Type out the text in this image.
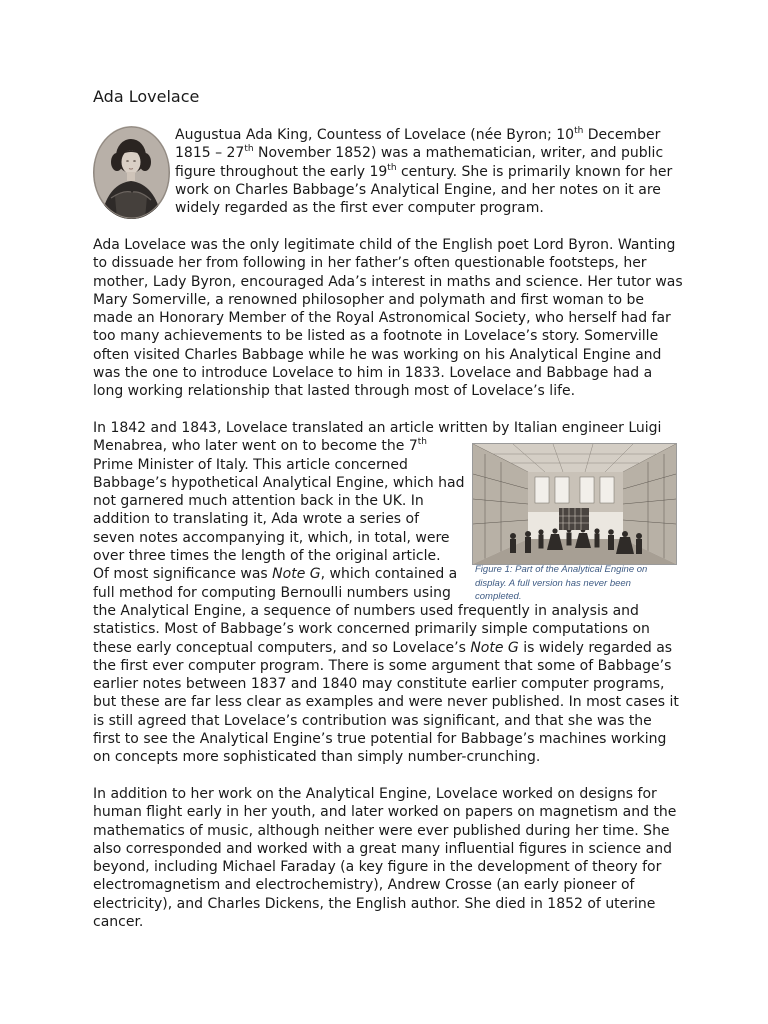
Ada Lovelace
Augustua Ada King, Countess of Lovelace (née Byron; 10th December
1815 – 27th November 1852) was a mathematician, writer, and public
figure throughout the early 19th century. She is primarily known for her
work on Charles Babbage’s Analytical Engine, and her notes on it are
widely regarded as the first ever computer program.
Ada Lovelace was the only legitimate child of the English poet Lord Byron. Wanting
to dissuade her from following in her father’s often questionable footsteps, her
mother, Lady Byron, encouraged Ada’s interest in maths and science. Her tutor was
Mary Somerville, a renowned philosopher and polymath and first woman to be
made an Honorary Member of the Royal Astronomical Society, who herself had far
too many achievements to be listed as a footnote in Lovelace’s story. Somerville
often visited Charles Babbage while he was working on his Analytical Engine and
was the one to introduce Lovelace to him in 1833. Lovelace and Babbage had a
long working relationship that lasted through most of Lovelace’s life.
In 1842 and 1843, Lovelace translated an article written by Italian engineer Luigi
Menabrea, who later went on to become the 7th
Prime Minister of Italy. This article concerned
Babbage’s hypothetical Analytical Engine, which had
not garnered much attention back in the UK. In
addition to translating it, Ada wrote a series of
seven notes accompanying it, which, in total, were
over three times the length of the original article.
Of most significance was Note G, which contained a
full method for computing Bernoulli numbers using
the Analytical Engine, a sequence of numbers used frequently in analysis and
statistics. Most of Babbage’s work concerned primarily simple computations on
these early conceptual computers, and so Lovelace’s Note G is widely regarded as
the first ever computer program. There is some argument that some of Babbage’s
earlier notes between 1837 and 1840 may constitute earlier computer programs,
but these are far less clear as examples and were never published. In most cases it
is still agreed that Lovelace’s contribution was significant, and that she was the
first to see the Analytical Engine’s true potential for Babbage’s machines working
on concepts more sophisticated than simply number-crunching.
Figure 1: Part of the Analytical Engine on
display. A full version has never been
completed.
In addition to her work on the Analytical Engine, Lovelace worked on designs for
human flight early in her youth, and later worked on papers on magnetism and the
mathematics of music, although neither were ever published during her time. She
also corresponded and worked with a great many influential figures in science and
beyond, including Michael Faraday (a key figure in the development of theory for
electromagnetism and electrochemistry), Andrew Crosse (an early pioneer of
electricity), and Charles Dickens, the English author. She died in 1852 of uterine
cancer.
